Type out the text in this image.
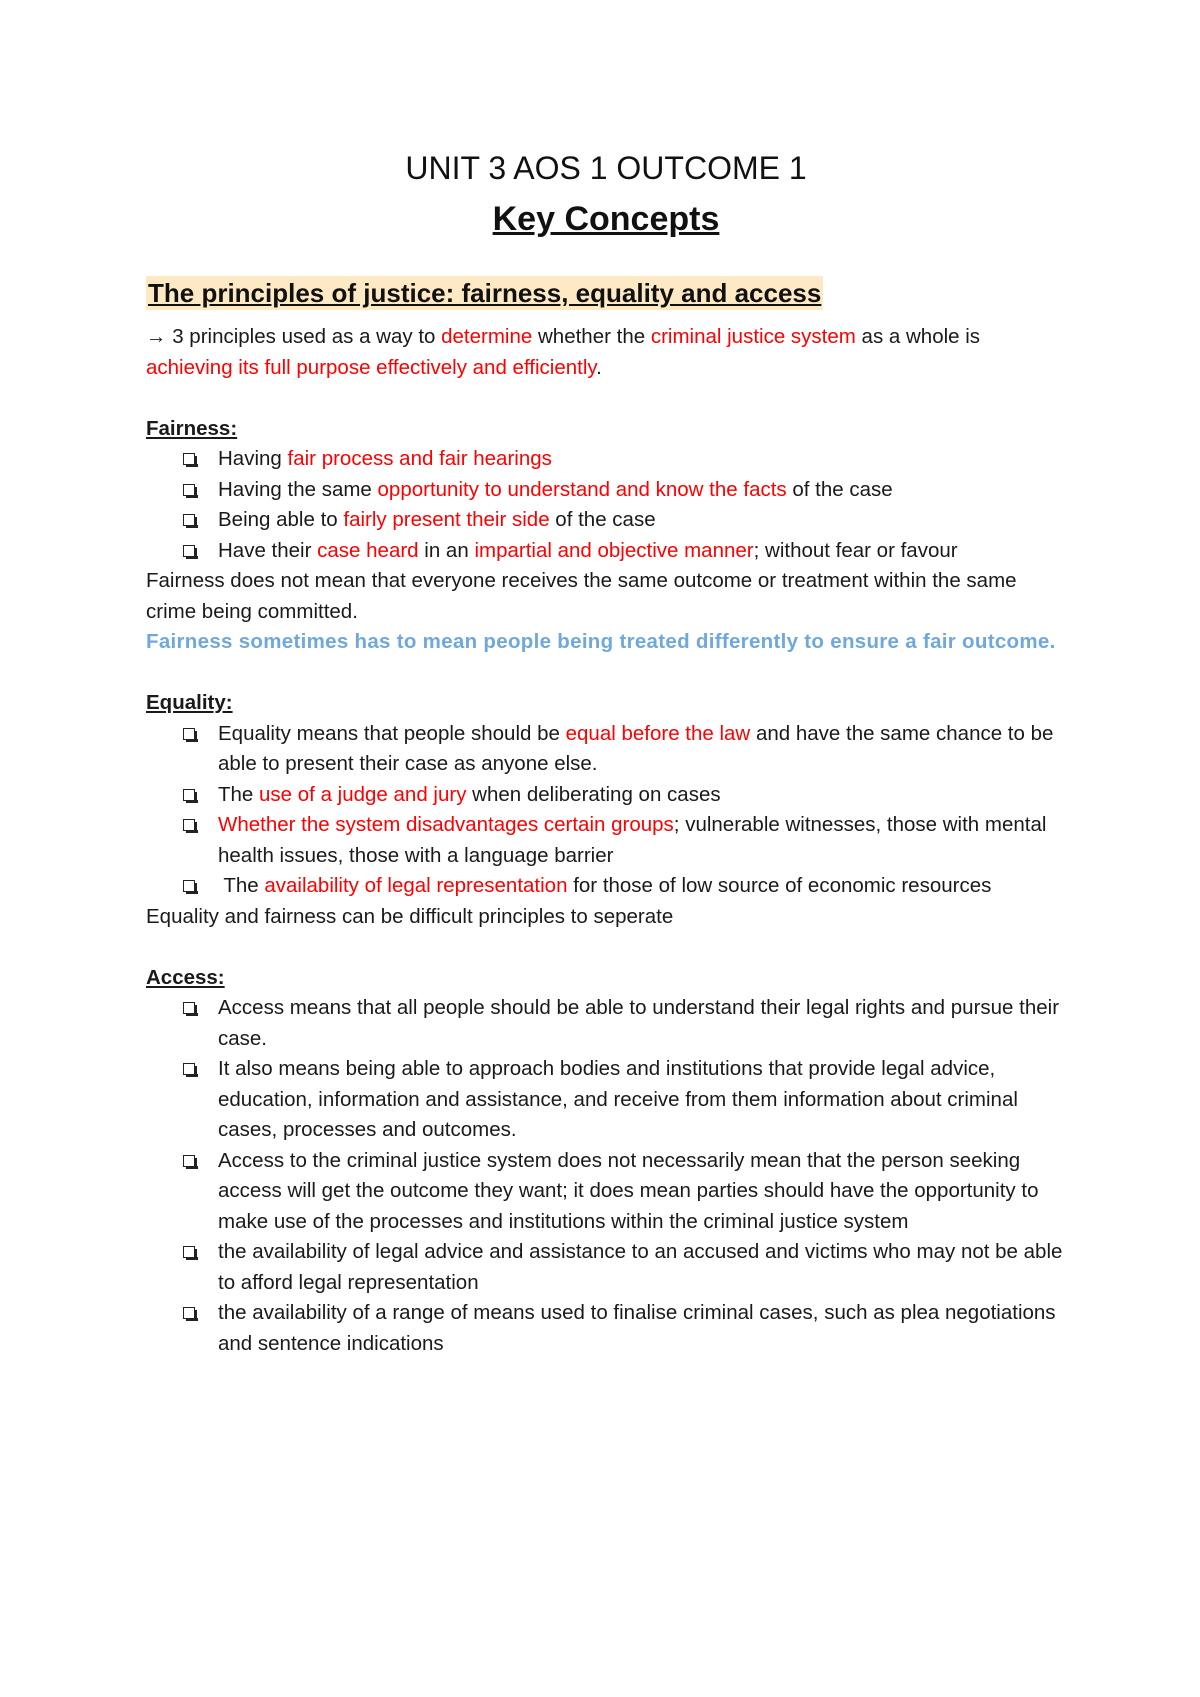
UNIT 3 AOS 1 OUTCOME 1
Key Concepts
The principles of justice: fairness, equality and access

→ 3 principles used as a way to determine whether the criminal justice system as a whole is achieving its full purpose effectively and efficiently.

Fairness:

Having fair process and fair hearings
Having the same opportunity to understand and know the facts of the case
Being able to fairly present their side of the case
Have their case heard in an impartial and objective manner; without fear or favour

Fairness does not mean that everyone receives the same outcome or treatment within the same crime being committed.

Fairness sometimes has to mean people being treated differently to ensure a fair outcome.

Equality:

Equality means that people should be equal before the law and have the same chance to be able to present their case as anyone else.
The use of a judge and jury when deliberating on cases
Whether the system disadvantages certain groups; vulnerable witnesses, those with mental health issues, those with a language barrier
The availability of legal representation for those of low source of economic resources

Equality and fairness can be difficult principles to seperate

Access:

Access means that all people should be able to understand their legal rights and pursue their case.
It also means being able to approach bodies and institutions that provide legal advice, education, information and assistance, and receive from them information about criminal cases, processes and outcomes.
Access to the criminal justice system does not necessarily mean that the person seeking access will get the outcome they want; it does mean parties should have the opportunity to make use of the processes and institutions within the criminal justice system
the availability of legal advice and assistance to an accused and victims who may not be able to afford legal representation
the availability of a range of means used to finalise criminal cases, such as plea negotiations and sentence indications
